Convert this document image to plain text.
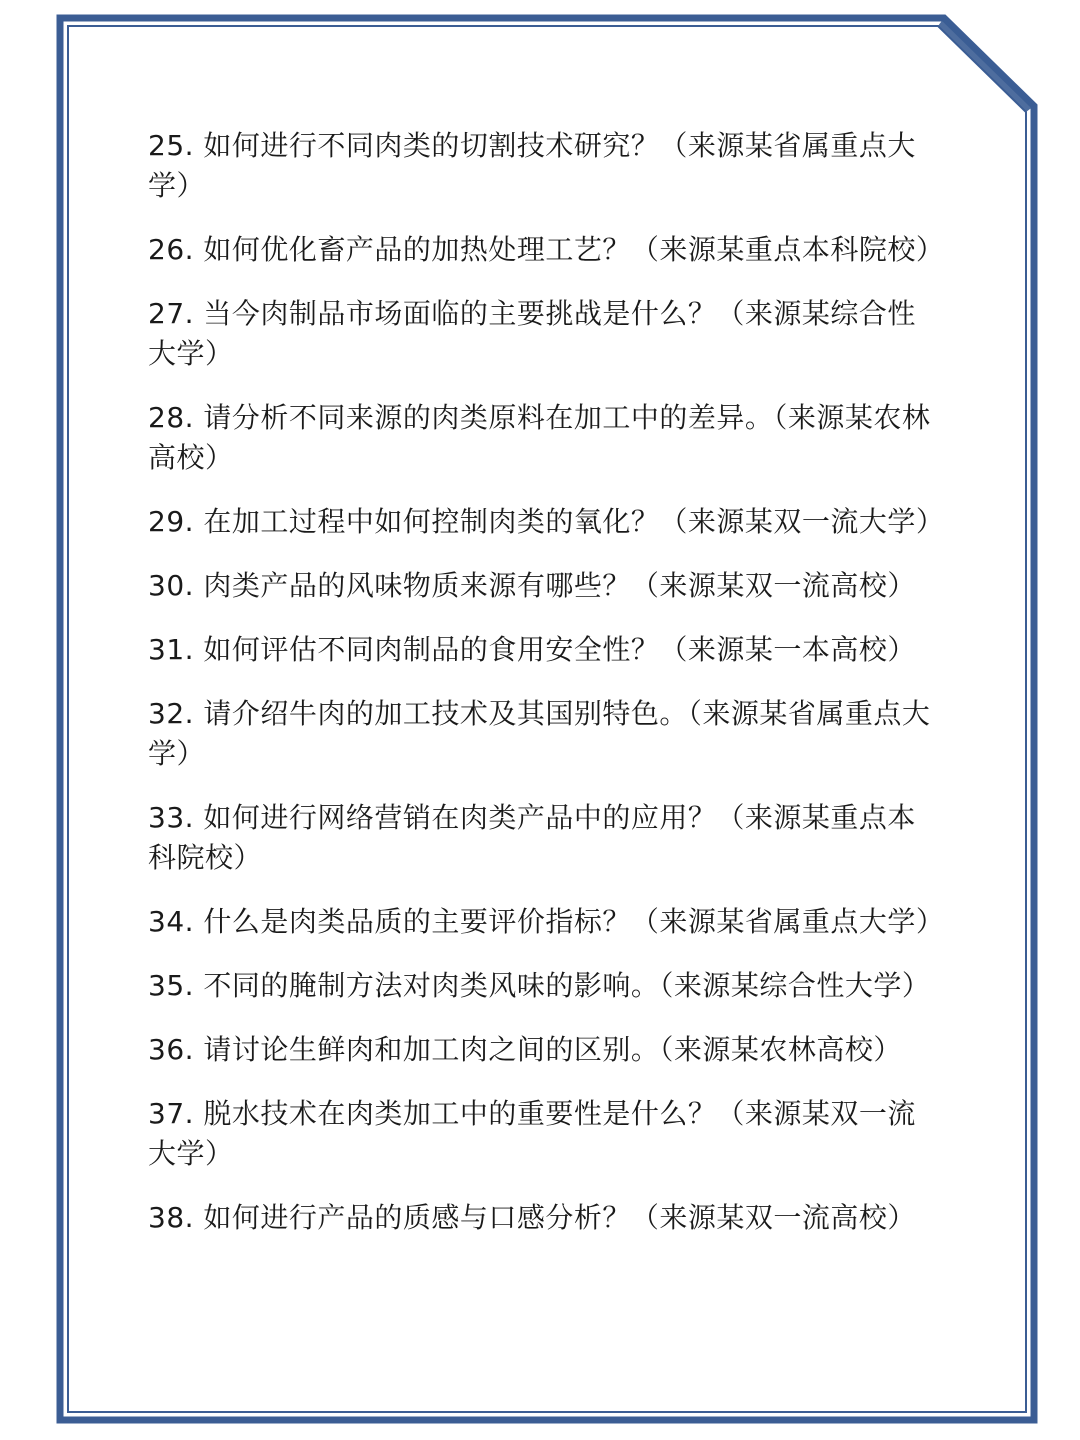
25. 如何进行不同肉类的切割技术研究？（来源某省属重点大学）

26. 如何优化畜产品的加热处理工艺？（来源某重点本科院校）

27. 当今肉制品市场面临的主要挑战是什么？（来源某综合性大学）

28. 请分析不同来源的肉类原料在加工中的差异。（来源某农林高校）

29. 在加工过程中如何控制肉类的氧化？（来源某双一流大学）

30. 肉类产品的风味物质来源有哪些？（来源某双一流高校）

31. 如何评估不同肉制品的食用安全性？（来源某一本高校）

32. 请介绍牛肉的加工技术及其国别特色。（来源某省属重点大学）

33. 如何进行网络营销在肉类产品中的应用？（来源某重点本科院校）

34. 什么是肉类品质的主要评价指标？（来源某省属重点大学）

35. 不同的腌制方法对肉类风味的影响。（来源某综合性大学）

36. 请讨论生鲜肉和加工肉之间的区别。（来源某农林高校）

37. 脱水技术在肉类加工中的重要性是什么？（来源某双一流大学）

38. 如何进行产品的质感与口感分析？（来源某双一流高校）
